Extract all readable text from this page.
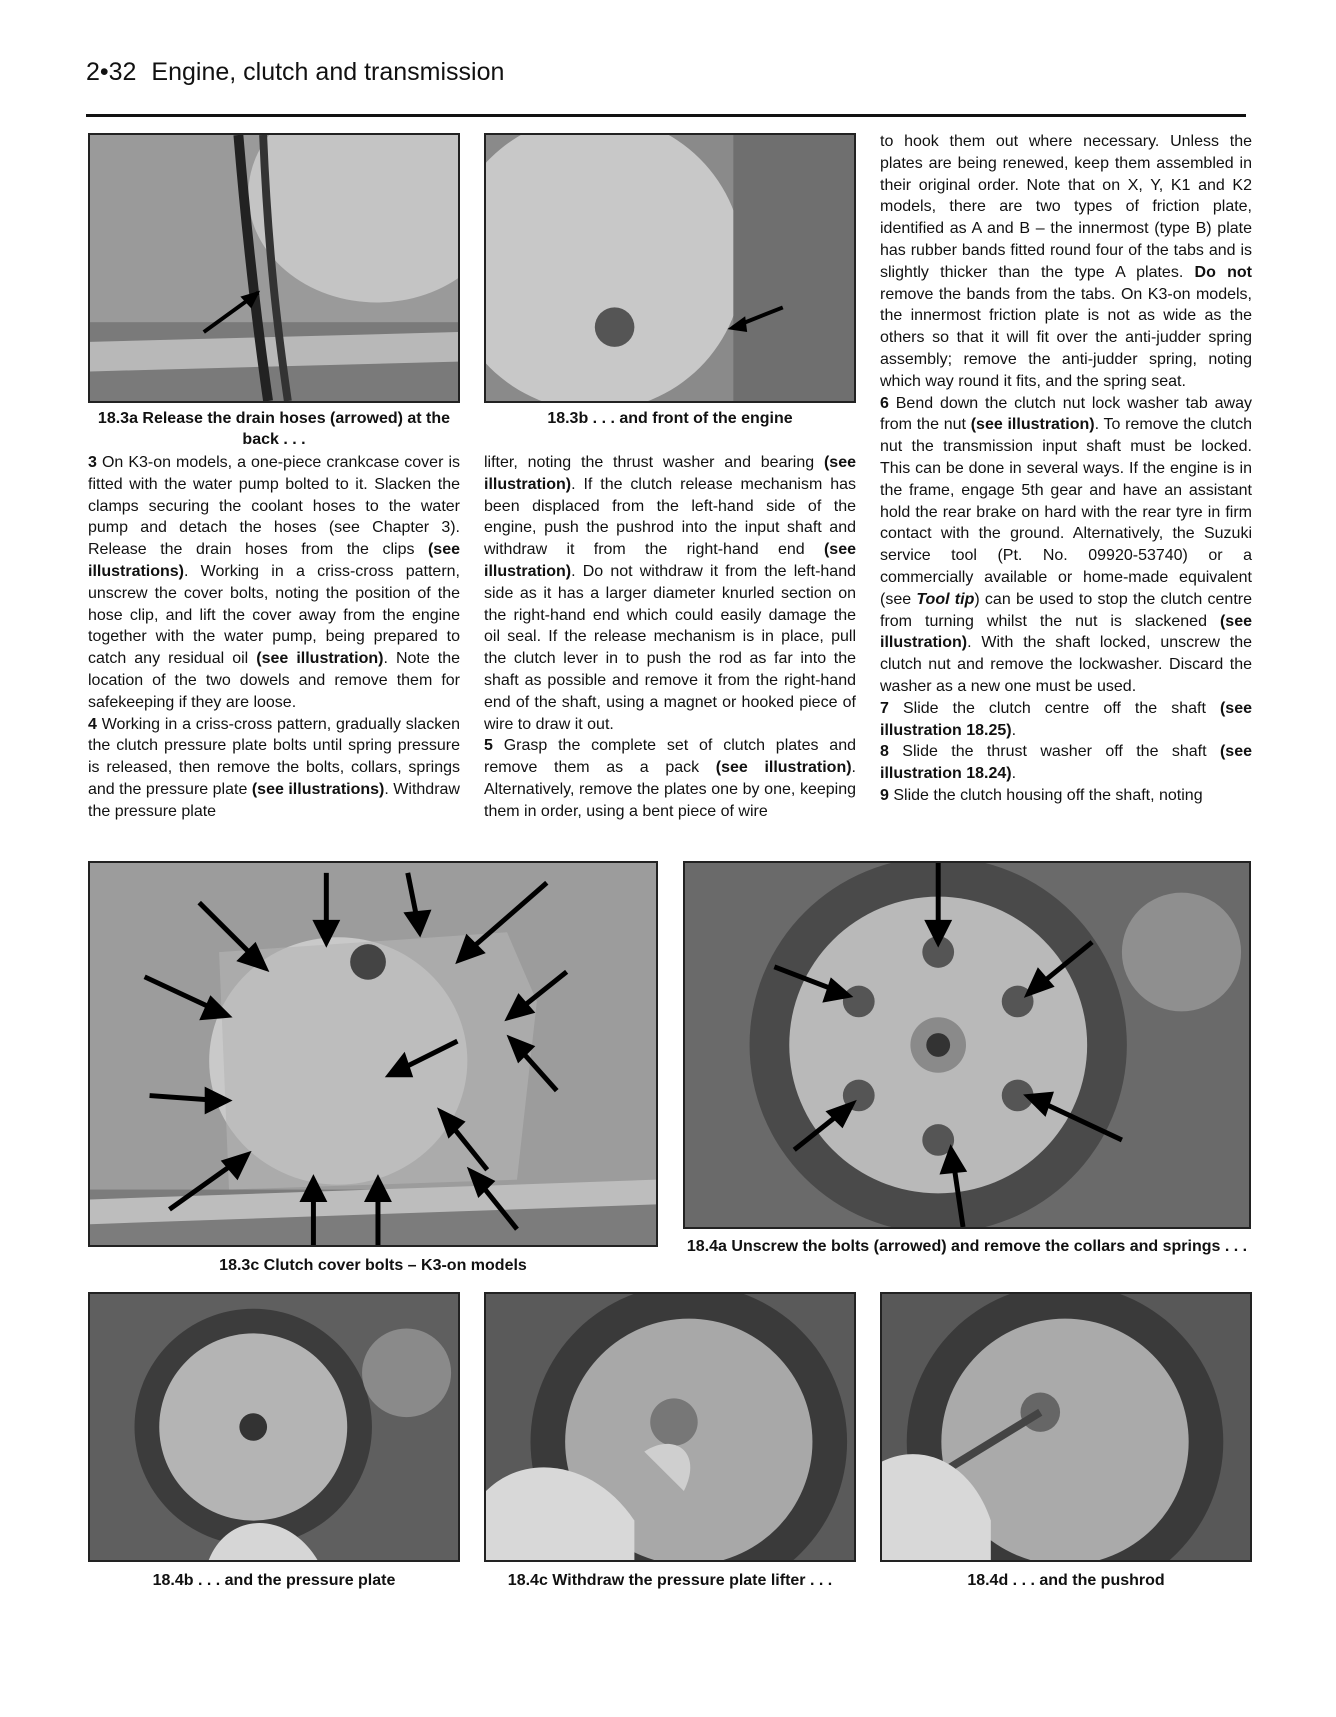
2•32 Engine, clutch and transmission
18.3a Release the drain hoses (arrowed) at the back . . .
18.3b . . . and front of the engine

3 On K3-on models, a one-piece crankcase cover is fitted with the water pump bolted to it. Slacken the clamps securing the coolant hoses to the water pump and detach the hoses (see Chapter 3). Release the drain hoses from the clips (see illustrations). Working in a criss-cross pattern, unscrew the cover bolts, noting the position of the hose clip, and lift the cover away from the engine together with the water pump, being prepared to catch any residual oil (see illustration). Note the location of the two dowels and remove them for safekeeping if they are loose.

4 Working in a criss-cross pattern, gradually slacken the clutch pressure plate bolts until spring pressure is released, then remove the bolts, collars, springs and the pressure plate (see illustrations). Withdraw the pressure plate

lifter, noting the thrust washer and bearing (see illustration). If the clutch release mechanism has been displaced from the left-hand side of the engine, push the pushrod into the input shaft and withdraw it from the right-hand end (see illustration). Do not withdraw it from the left-hand side as it has a larger diameter knurled section on the right-hand end which could easily damage the oil seal. If the release mechanism is in place, pull the clutch lever in to push the rod as far into the shaft as possible and remove it from the right-hand end of the shaft, using a magnet or hooked piece of wire to draw it out.

5 Grasp the complete set of clutch plates and remove them as a pack (see illustration). Alternatively, remove the plates one by one, keeping them in order, using a bent piece of wire

to hook them out where necessary. Unless the plates are being renewed, keep them assembled in their original order. Note that on X, Y, K1 and K2 models, there are two types of friction plate, identified as A and B – the innermost (type B) plate has rubber bands fitted round four of the tabs and is slightly thicker than the type A plates. Do not remove the bands from the tabs. On K3-on models, the innermost friction plate is not as wide as the others so that it will fit over the anti-judder spring assembly; remove the anti-judder spring, noting which way round it fits, and the spring seat.

6 Bend down the clutch nut lock washer tab away from the nut (see illustration). To remove the clutch nut the transmission input shaft must be locked. This can be done in several ways. If the engine is in the frame, engage 5th gear and have an assistant hold the rear brake on hard with the rear tyre in firm contact with the ground. Alternatively, the Suzuki service tool (Pt. No. 09920-53740) or a commercially available or home-made equivalent (see Tool tip) can be used to stop the clutch centre from turning whilst the nut is slackened (see illustration). With the shaft locked, unscrew the clutch nut and remove the lockwasher. Discard the washer as a new one must be used.

7 Slide the clutch centre off the shaft (see illustration 18.25).

8 Slide the thrust washer off the shaft (see illustration 18.24).

9 Slide the clutch housing off the shaft, noting

18.3c Clutch cover bolts – K3-on models
18.4a Unscrew the bolts (arrowed) and remove the collars and springs . . .
18.4b . . . and the pressure plate	18.4c Withdraw the pressure plate lifter . . .	18.4d . . . and the pushrod
